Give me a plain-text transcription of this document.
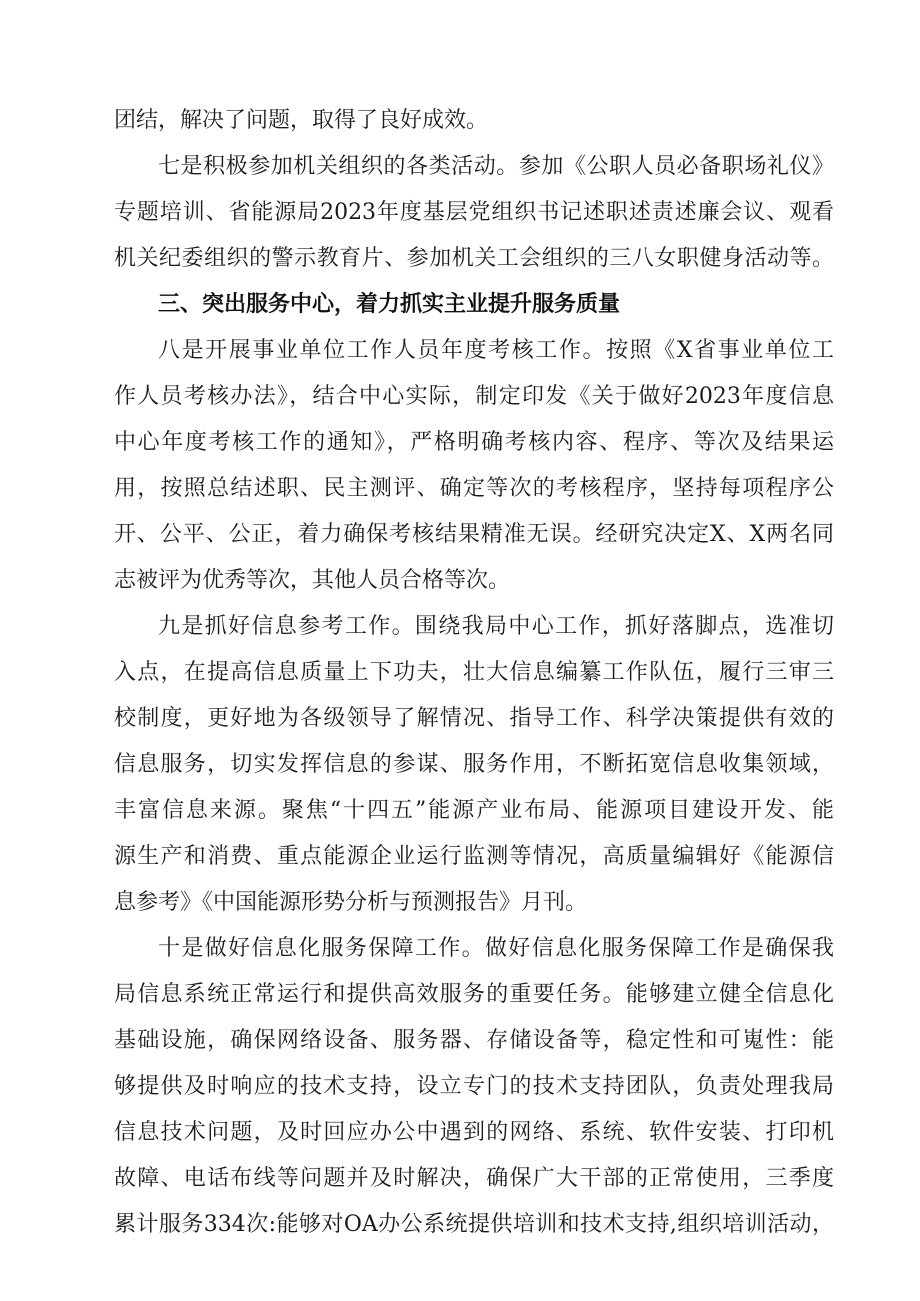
团结，解决了问题，取得了良好成效。
七是积极参加机关组织的各类活动。参加《公职人员必备职场礼仪》
专题培训、省能源局2023年度基层党组织书记述职述责述廉会议、观看
机关纪委组织的警示教育片、参加机关工会组织的三八女职健身活动等。
三、突出服务中心，着力抓实主业提升服务质量
八是开展事业单位工作人员年度考核工作。按照《X省事业单位工
作人员考核办法》，结合中心实际，制定印发《关于做好2023年度信息
中心年度考核工作的通知》，严格明确考核内容、程序、等次及结果运
用，按照总结述职、民主测评、确定等次的考核程序，坚持每项程序公
开、公平、公正，着力确保考核结果精准无误。经研究决定X、X两名同
志被评为优秀等次，其他人员合格等次。
九是抓好信息参考工作。围绕我局中心工作，抓好落脚点，选准切
入点，在提高信息质量上下功夫，壮大信息编纂工作队伍，履行三审三
校制度，更好地为各级领导了解情况、指导工作、科学决策提供有效的
信息服务，切实发挥信息的参谋、服务作用，不断拓宽信息收集领域，
丰富信息来源。聚焦“十四五”能源产业布局、能源项目建设开发、能
源生产和消费、重点能源企业运行监测等情况，高质量编辑好《能源信
息参考》《中国能源形势分析与预测报告》月刊。
十是做好信息化服务保障工作。做好信息化服务保障工作是确保我
局信息系统正常运行和提供高效服务的重要任务。能够建立健全信息化
基础设施，确保网络设备、服务器、存储设备等，稳定性和可嵬性：能
够提供及时响应的技术支持，设立专门的技术支持团队，负责处理我局
信息技术问题，及时回应办公中遇到的网络、系统、软件安装、打印机
故障、电话布线等问题并及时解决，确保广大干部的正常使用，三季度
累计服务334次:能够对OA办公系统提供培训和技术支持,组织培训活动，
